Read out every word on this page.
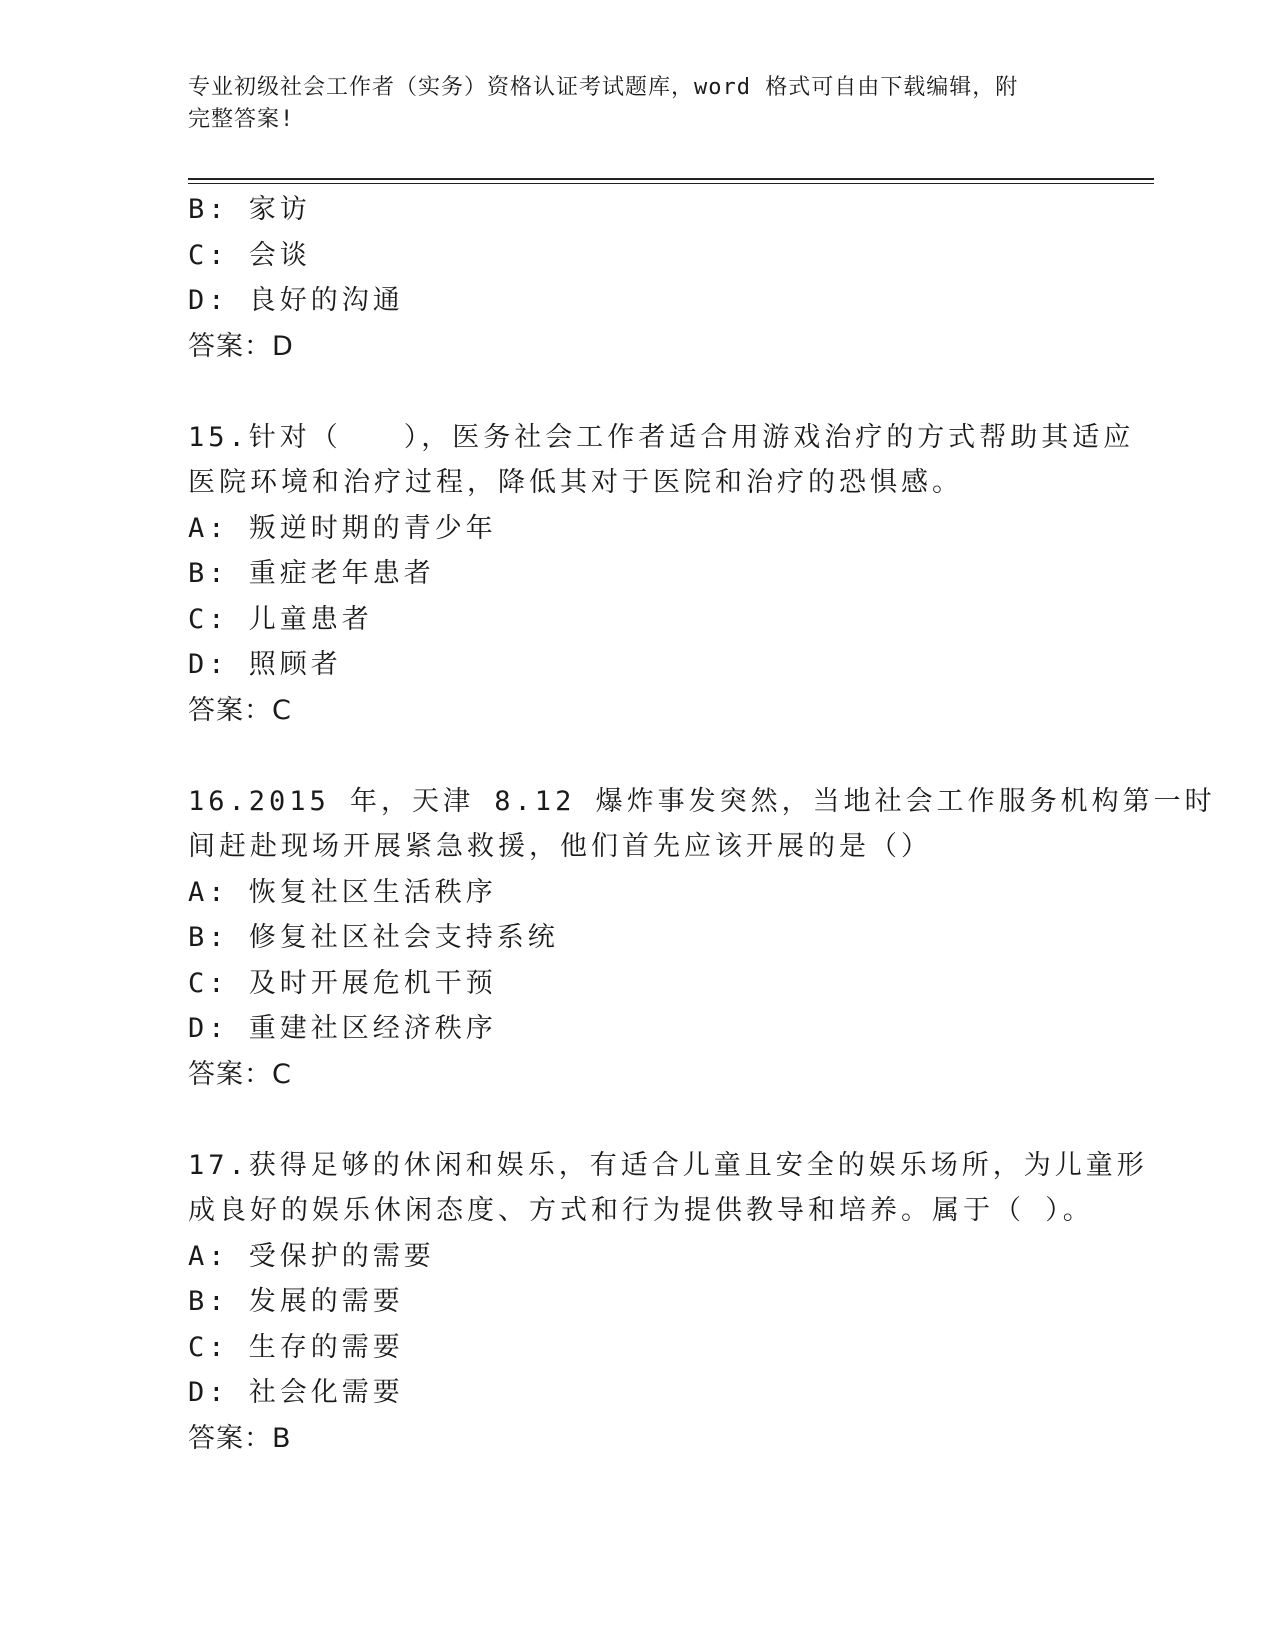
专业初级社会工作者（实务）资格认证考试题库，word 格式可自由下载编辑，附
完整答案!
B: 家访
C: 会谈
D: 良好的沟通
答案：D
15.针对（　　），医务社会工作者适合用游戏治疗的方式帮助其适应
医院环境和治疗过程，降低其对于医院和治疗的恐惧感。
A: 叛逆时期的青少年
B: 重症老年患者
C: 儿童患者
D: 照顾者
答案：C
16.2015 年，天津 8.12 爆炸事发突然，当地社会工作服务机构第一时
间赶赴现场开展紧急救援，他们首先应该开展的是（）
A: 恢复社区生活秩序
B: 修复社区社会支持系统
C: 及时开展危机干预
D: 重建社区经济秩序
答案：C
17.获得足够的休闲和娱乐，有适合儿童且安全的娱乐场所，为儿童形
成良好的娱乐休闲态度、方式和行为提供教导和培养。属于（ ）。
A: 受保护的需要
B: 发展的需要
C: 生存的需要
D: 社会化需要
答案：B
